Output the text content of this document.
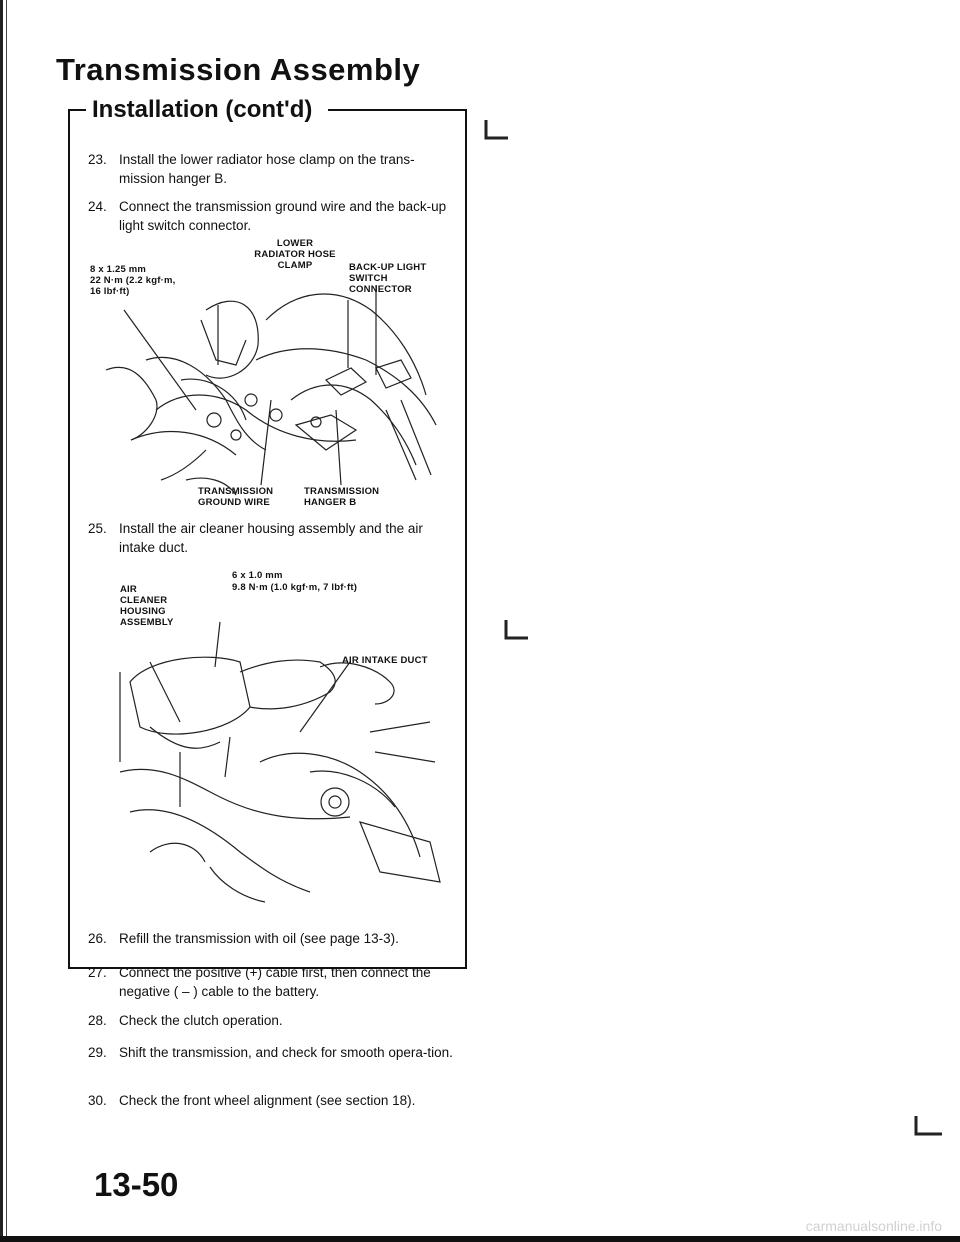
Transmission Assembly
Installation (cont'd)
23. Install the lower radiator hose clamp on the trans-mission hanger B.
24. Connect the transmission ground wire and the back-up light switch connector.
LOWER RADIATOR HOSE CLAMP
8 x 1.25 mm
22 N·m (2.2 kgf·m,
16 lbf·ft)
BACK-UP LIGHT SWITCH CONNECTOR
TRANSMISSION GROUND WIRE
TRANSMISSION HANGER B
25. Install the air cleaner housing assembly and the air intake duct.
6 x 1.0 mm
AIR CLEANER HOUSING ASSEMBLY
9.8 N·m (1.0 kgf·m, 7 lbf·ft)
AIR INTAKE DUCT
26. Refill the transmission with oil (see page 13-3).
27. Connect the positive (+) cable first, then connect the negative ( – ) cable to the battery.
28. Check the clutch operation.
29. Shift the transmission, and check for smooth opera-tion.
30. Check the front wheel alignment (see section 18).
13-50
carmanualsonline.info
